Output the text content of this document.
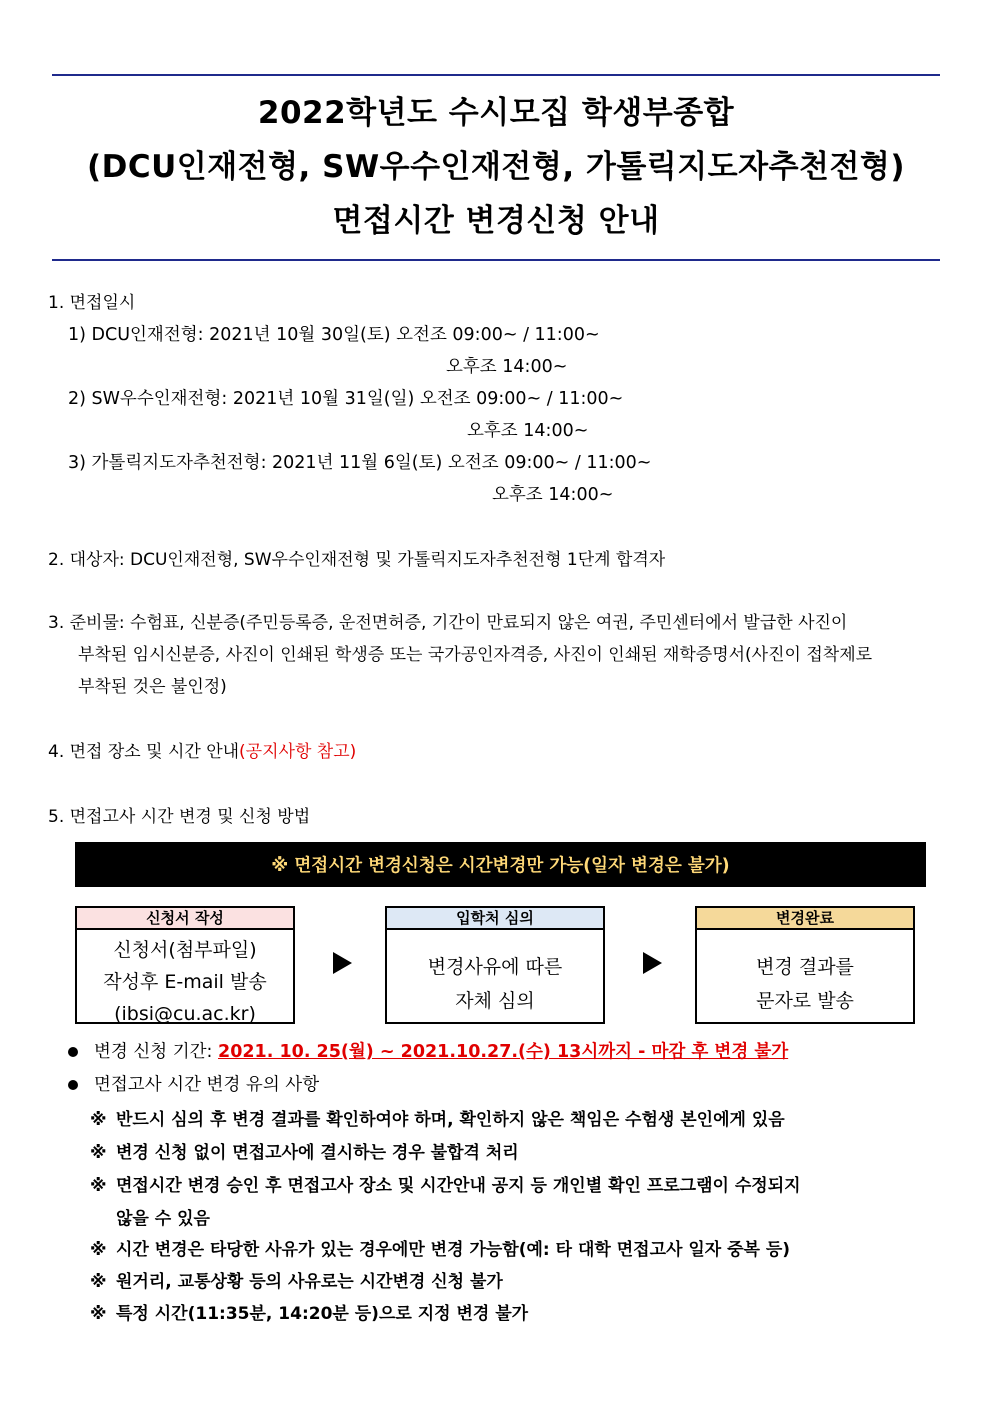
2022학년도 수시모집 학생부종합
(DCU인재전형, SW우수인재전형, 가톨릭지도자추천전형)
면접시간 변경신청 안내
1. 면접일시
1) DCU인재전형: 2021년 10월 30일(토) 오전조 09:00~ / 11:00~
오후조 14:00~
2) SW우수인재전형: 2021년 10월 31일(일) 오전조 09:00~ / 11:00~
오후조 14:00~
3) 가톨릭지도자추천전형: 2021년 11월 6일(토) 오전조 09:00~ / 11:00~
오후조 14:00~
2. 대상자: DCU인재전형, SW우수인재전형 및 가톨릭지도자추천전형 1단계 합격자
3. 준비물: 수험표, 신분증(주민등록증, 운전면허증, 기간이 만료되지 않은 여권, 주민센터에서 발급한 사진이
부착된 임시신분증, 사진이 인쇄된 학생증 또는 국가공인자격증, 사진이 인쇄된 재학증명서(사진이 접착제로
부착된 것은 불인정)
4. 면접 장소 및 시간 안내(공지사항 참고)
5. 면접고사 시간 변경 및 신청 방법
※ 면접시간 변경신청은 시간변경만 가능(일자 변경은 불가)
신청서 작성
신청서(첨부파일)
작성후 E-mail 발송
(ibsi@cu.ac.kr)
입학처 심의
변경사유에 따른
자체 심의
변경완료
변경 결과를
문자로 발송
변경 신청 기간: 2021. 10. 25(월) ~ 2021.10.27.(수) 13시까지 - 마감 후 변경 불가
면접고사 시간 변경 유의 사항
※ 반드시 심의 후 변경 결과를 확인하여야 하며, 확인하지 않은 책임은 수험생 본인에게 있음
※ 변경 신청 없이 면접고사에 결시하는 경우 불합격 처리
※ 면접시간 변경 승인 후 면접고사 장소 및 시간안내 공지 등 개인별 확인 프로그램이 수정되지
않을 수 있음
※ 시간 변경은 타당한 사유가 있는 경우에만 변경 가능함(예: 타 대학 면접고사 일자 중복 등)
※ 원거리, 교통상황 등의 사유로는 시간변경 신청 불가
※ 특정 시간(11:35분, 14:20분 등)으로 지정 변경 불가
